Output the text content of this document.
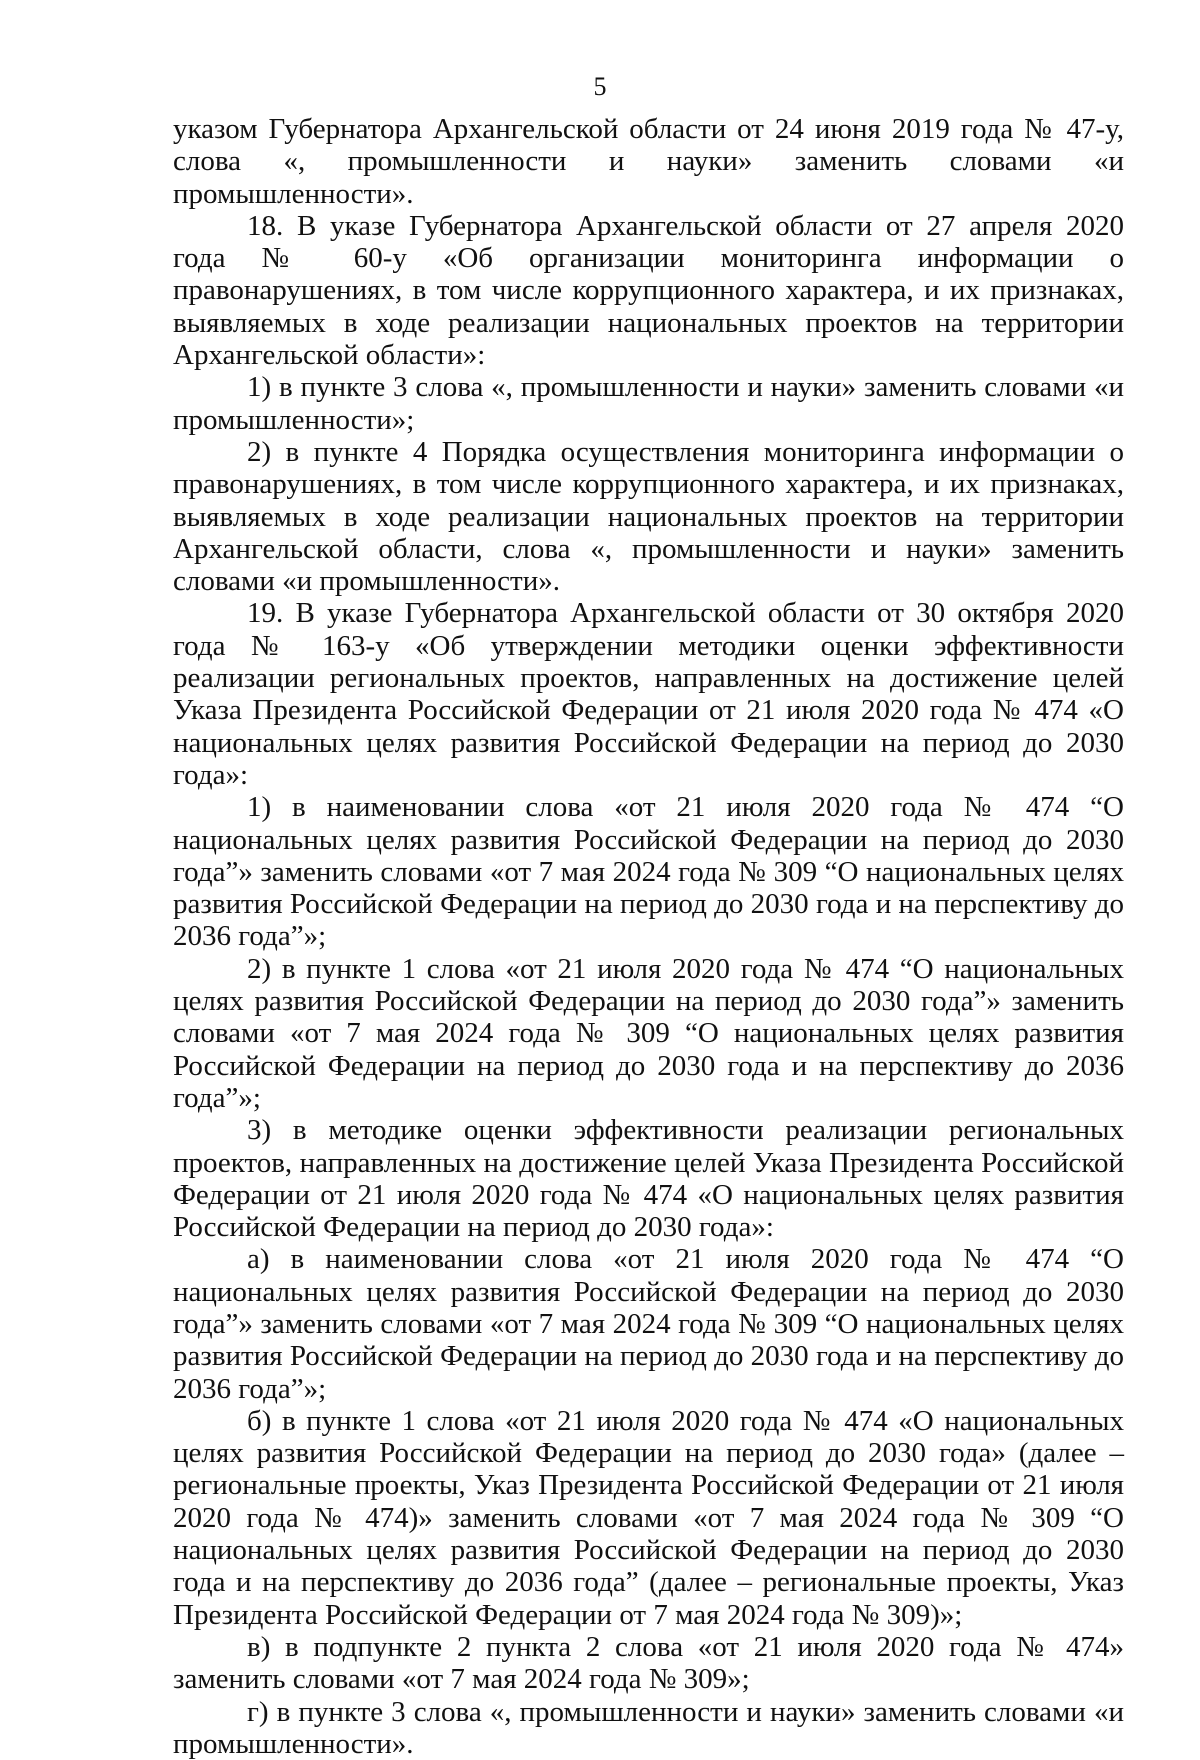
5

указом Губернатора Архангельской области от 24 июня 2019 года № 47-у, слова «, промышленности и науки» заменить словами «и промышленности».

18. В указе Губернатора Архангельской области от 27 апреля 2020 года № 60-у «Об организации мониторинга информации о правонарушениях, в том числе коррупционного характера, и их признаках, выявляемых в ходе реализации национальных проектов на территории Архангельской области»:

1) в пункте 3 слова «, промышленности и науки» заменить словами «и промышленности»;

2) в пункте 4 Порядка осуществления мониторинга информации о правонарушениях, в том числе коррупционного характера, и их признаках, выявляемых в ходе реализации национальных проектов на территории Архангельской области, слова «, промышленности и науки» заменить словами «и промышленности».

19. В указе Губернатора Архангельской области от 30 октября 2020 года № 163-у «Об утверждении методики оценки эффективности реализации региональных проектов, направленных на достижение целей Указа Президента Российской Федерации от 21 июля 2020 года № 474 «О национальных целях развития Российской Федерации на период до 2030 года»:

1) в наименовании слова «от 21 июля 2020 года № 474 “О национальных целях развития Российской Федерации на период до 2030 года”» заменить словами «от 7 мая 2024 года № 309 “О национальных целях развития Российской Федерации на период до 2030 года и на перспективу до 2036 года”»;

2) в пункте 1 слова «от 21 июля 2020 года № 474 “О национальных целях развития Российской Федерации на период до 2030 года”» заменить словами «от 7 мая 2024 года № 309 “О национальных целях развития Российской Федерации на период до 2030 года и на перспективу до 2036 года”»;

3) в методике оценки эффективности реализации региональных проектов, направленных на достижение целей Указа Президента Российской Федерации от 21 июля 2020 года № 474 «О национальных целях развития Российской Федерации на период до 2030 года»:

а) в наименовании слова «от 21 июля 2020 года № 474 “О национальных целях развития Российской Федерации на период до 2030 года”» заменить словами «от 7 мая 2024 года № 309 “О национальных целях развития Российской Федерации на период до 2030 года и на перспективу до 2036 года”»;

б) в пункте 1 слова «от 21 июля 2020 года № 474 «О национальных целях развития Российской Федерации на период до 2030 года» (далее – региональные проекты, Указ Президента Российской Федерации от 21 июля 2020 года № 474)» заменить словами «от 7 мая 2024 года № 309 “О национальных целях развития Российской Федерации на период до 2030 года и на перспективу до 2036 года” (далее – региональные проекты, Указ Президента Российской Федерации от 7 мая 2024 года № 309)»;

в) в подпункте 2 пункта 2 слова «от 21 июля 2020 года № 474» заменить словами «от 7 мая 2024 года № 309»;

г) в пункте 3 слова «, промышленности и науки» заменить словами «и промышленности».
